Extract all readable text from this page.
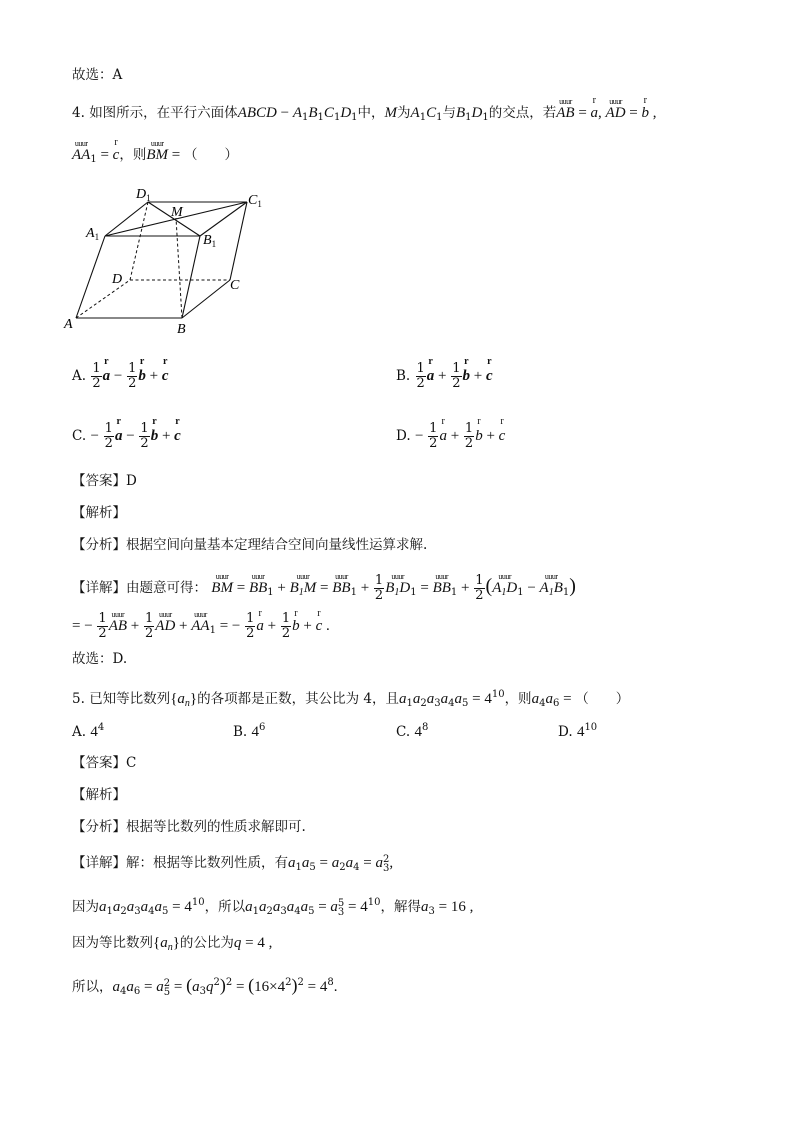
故选：A
4. 如图所示，在平行六面体ABCD − $A_1B_1C_1D_1$中，M为$A_1C_1$与$B_1D_1$的交点，若uuur AB = r a, uuur AD = r b ,
uuur $AA_1 = r$ c，则uuur BM = （　　）
A	B
C
D
$A_1$	$B_1$
$C_1$
$D_1$
M
A. $\frac{1}{2}$ r $a - \frac{1}{2}$ r b + r c	B. $\frac{1}{2}$ r $a + \frac{1}{2}$ r b + r c
C. − $\frac{1}{2}$ r $a - \frac{1}{2}$ r b + r c	D. − $\frac{1}{2}$ r $a + \frac{1}{2}$ r b + r c
【答案】D
【解析】
【分析】根据空间向量基本定理结合空间向量线性运算求解.
【详解】由题意可得： uuur BM = uuur $BB_1$ + uuur $B_1M$ = uuur $BB_1 + \frac{1}{2}$ uuur $B_1D_1$ = uuur $BB_1 + \frac{1}{2}$ (uuur $A_1D_1$ − uuur $A_1B_1$)
= − $\frac{1}{2}$ uuur AB + $\frac{1}{2}$ uuur AD + uuur $AA_1$ = − $\frac{1}{2}$ r $a + \frac{1}{2}$ r b + r c .
故选：D.
5. 已知等比数列$\{a_n\}$的各项都是正数，其公比为 4，且$a_1a_2a_3a_4a_5 = 4^{10}$，则$a_4a_6$ = （　　）
A. $4^4$	B. $4^6$	C. $4^8$	D. $4^{10}$
【答案】C
【解析】
【分析】根据等比数列的性质求解即可.
【详解】解：根据等比数列性质，有$a_1a_5 = a_2a_4 = a$ 2
3 ,
因为$a_1a_2a_3a_4a_5 = 4^{10}$，所以$a_1a_2a_3a_4a_5 = a$ 5
$3 = 4^{10}$，解得$a_3 = 16$ ,
因为等比数列$\{a_n\}$的公比为q = 4 ,
所以，$a_4a_6 = a$ 2
$5 = (a_3q^2)^2 = (16\times 4^2)^2 = 4^8$.
